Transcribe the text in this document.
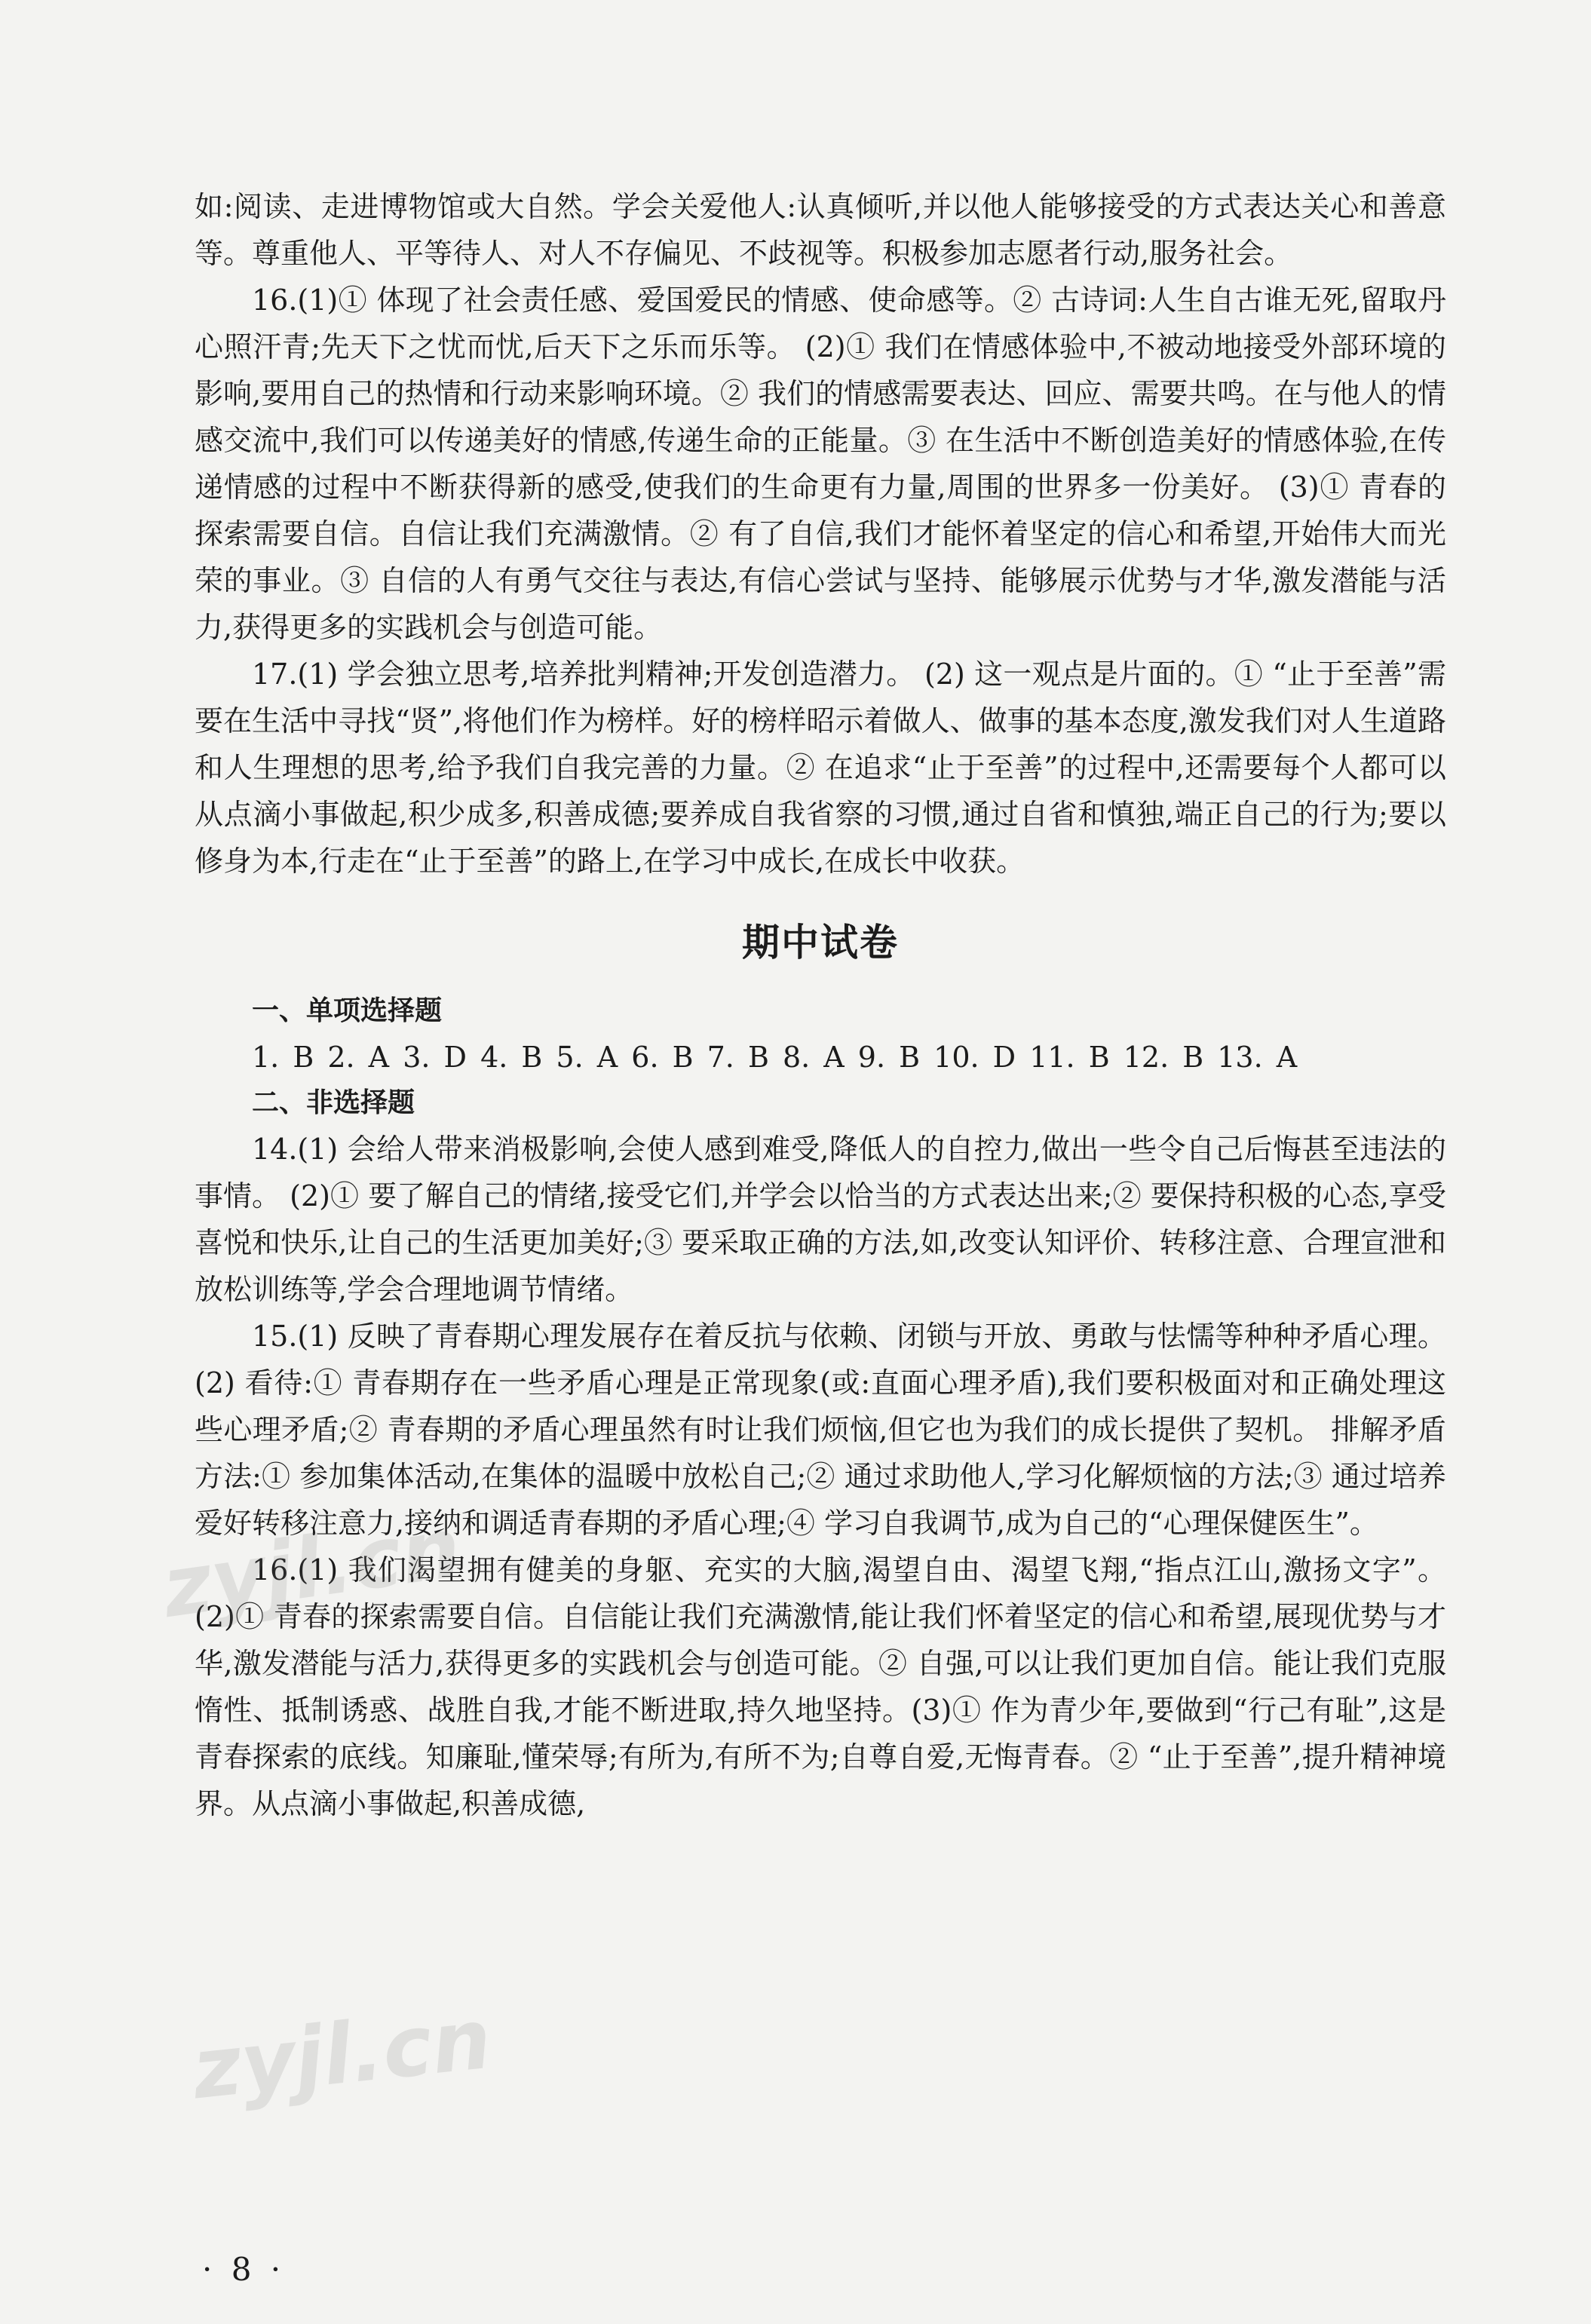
如:阅读、走进博物馆或大自然。学会关爱他人:认真倾听,并以他人能够接受的方式表达关心和善意等。尊重他人、平等待人、对人不存偏见、不歧视等。积极参加志愿者行动,服务社会。

16.(1)① 体现了社会责任感、爱国爱民的情感、使命感等。② 古诗词:人生自古谁无死,留取丹心照汗青;先天下之忧而忧,后天下之乐而乐等。 (2)① 我们在情感体验中,不被动地接受外部环境的影响,要用自己的热情和行动来影响环境。② 我们的情感需要表达、回应、需要共鸣。在与他人的情感交流中,我们可以传递美好的情感,传递生命的正能量。③ 在生活中不断创造美好的情感体验,在传递情感的过程中不断获得新的感受,使我们的生命更有力量,周围的世界多一份美好。 (3)① 青春的探索需要自信。自信让我们充满激情。② 有了自信,我们才能怀着坚定的信心和希望,开始伟大而光荣的事业。③ 自信的人有勇气交往与表达,有信心尝试与坚持、能够展示优势与才华,激发潜能与活力,获得更多的实践机会与创造可能。

17.(1) 学会独立思考,培养批判精神;开发创造潜力。 (2) 这一观点是片面的。① “止于至善”需要在生活中寻找“贤”,将他们作为榜样。好的榜样昭示着做人、做事的基本态度,激发我们对人生道路和人生理想的思考,给予我们自我完善的力量。② 在追求“止于至善”的过程中,还需要每个人都可以从点滴小事做起,积少成多,积善成德;要养成自我省察的习惯,通过自省和慎独,端正自己的行为;要以修身为本,行走在“止于至善”的路上,在学习中成长,在成长中收获。

期中试卷
一、单项选择题

1. B 2. A 3. D 4. B 5. A 6. B 7. B 8. A 9. B 10. D 11. B 12. B 13. A

二、非选择题

14.(1) 会给人带来消极影响,会使人感到难受,降低人的自控力,做出一些令自己后悔甚至违法的事情。 (2)① 要了解自己的情绪,接受它们,并学会以恰当的方式表达出来;② 要保持积极的心态,享受喜悦和快乐,让自己的生活更加美好;③ 要采取正确的方法,如,改变认知评价、转移注意、合理宣泄和放松训练等,学会合理地调节情绪。

15.(1) 反映了青春期心理发展存在着反抗与依赖、闭锁与开放、勇敢与怯懦等种种矛盾心理。 (2) 看待:① 青春期存在一些矛盾心理是正常现象(或:直面心理矛盾),我们要积极面对和正确处理这些心理矛盾;② 青春期的矛盾心理虽然有时让我们烦恼,但它也为我们的成长提供了契机。 排解矛盾方法:① 参加集体活动,在集体的温暖中放松自己;② 通过求助他人,学习化解烦恼的方法;③ 通过培养爱好转移注意力,接纳和调适青春期的矛盾心理;④ 学习自我调节,成为自己的“心理保健医生”。

16.(1) 我们渴望拥有健美的身躯、充实的大脑,渴望自由、渴望飞翔,“指点江山,激扬文字”。 (2)① 青春的探索需要自信。自信能让我们充满激情,能让我们怀着坚定的信心和希望,展现优势与才华,激发潜能与活力,获得更多的实践机会与创造可能。② 自强,可以让我们更加自信。能让我们克服惰性、抵制诱惑、战胜自我,才能不断进取,持久地坚持。(3)① 作为青少年,要做到“行己有耻”,这是青春探索的底线。知廉耻,懂荣辱;有所为,有所不为;自尊自爱,无悔青春。② “止于至善”,提升精神境界。从点滴小事做起,积善成德,

zyjl.cn
zyjl.cn
· 8 ·
